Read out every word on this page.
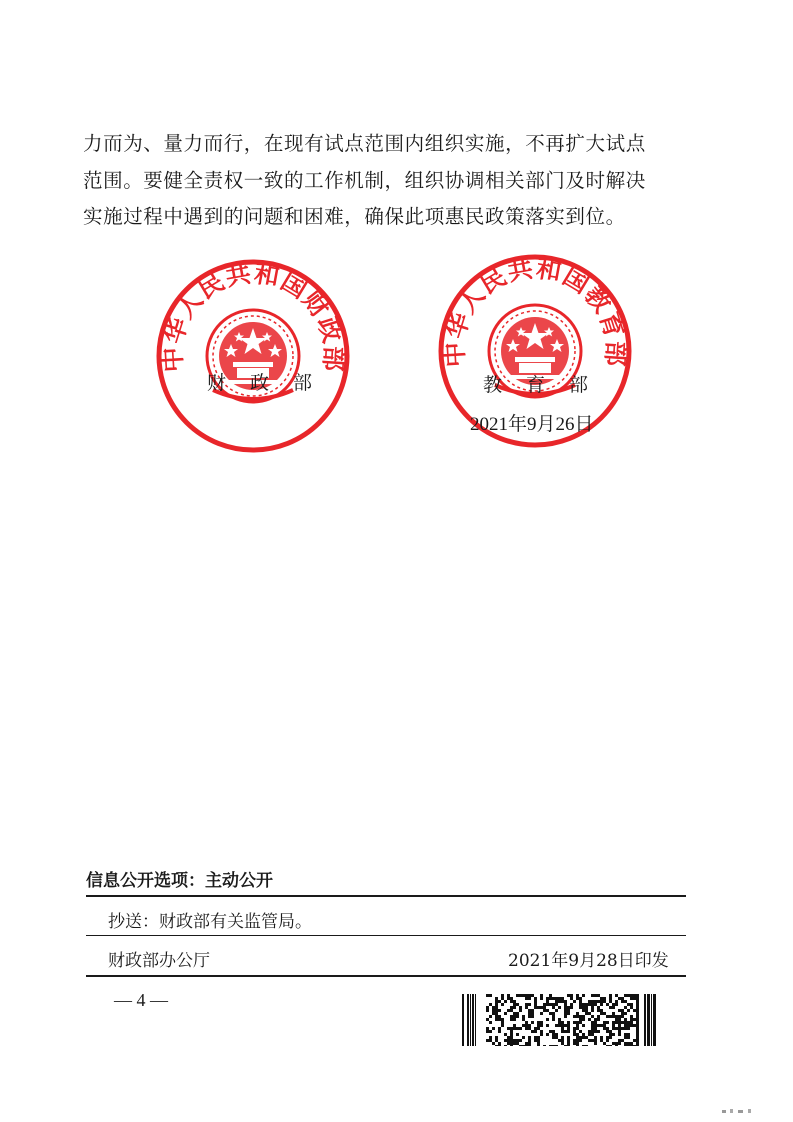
力而为、量力而行，在现有试点范围内组织实施，不再扩大试点
范围。要健全责权一致的工作机制，组织协调相关部门及时解决
实施过程中遇到的问题和困难，确保此项惠民政策落实到位。
中华人民共和国财政部
财政部
中华人民共和国教育部
教育部
2021年9月26日
信息公开选项：主动公开
抄送：财政部有关监管局。
财政部办公厅	2021年9月28日印发
— 4 —
